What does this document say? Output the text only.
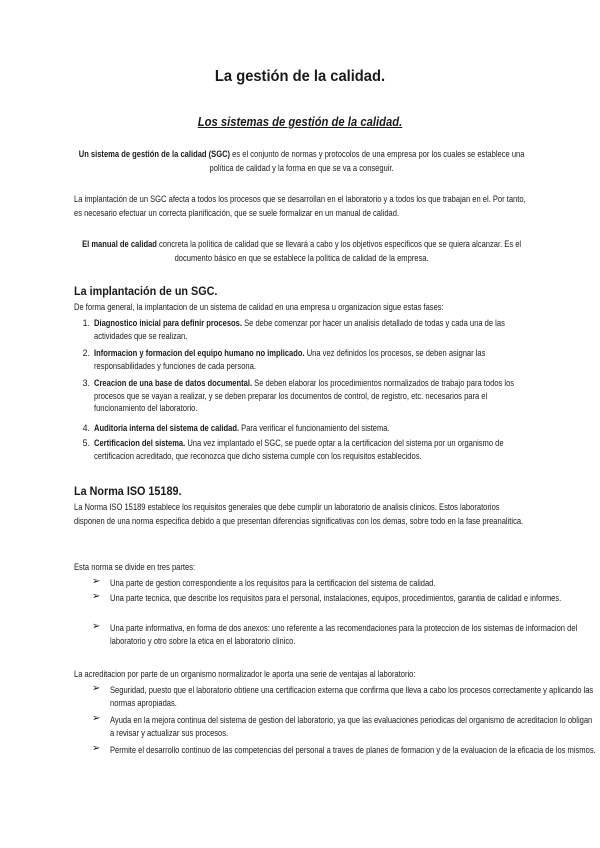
La gestión de la calidad.
Los sistemas de gestión de la calidad.
Un sistema de gestión de la calidad (SGC) es el conjunto de normas y protocolos de una empresa por los cuales se establece una política de calidad y la forma en que se va a conseguir.
La implantación de un SGC afecta a todos los procesos que se desarrollan en el laboratorio y a todos los que trabajan en el. Por tanto, es necesario efectuar un correcta planificación, que se suele formalizar en un manual de calidad.
El manual de calidad concreta la política de calidad que se llevará a cabo y los objetivos especificos que se quiera alcanzar. Es el documento básico en que se establece la política de calidad de la empresa.
La implantación de un SGC.
De forma general, la implantacion de un sistema de calidad en una empresa u organizacion sigue estas fases:
1. Diagnostico inicial para definir procesos. Se debe comenzar por hacer un analisis detallado de todas y cada una de las actividades que se realizan.
2. Informacion y formacion del equipo humano no implicado. Una vez definidos los procesos, se deben asignar las responsabilidades y funciones de cada persona.
3. Creacion de una base de datos documental. Se deben elaborar los procedimientos normalizados de trabajo para todos los procesos que se vayan a realizar, y se deben preparar los documentos de control, de registro, etc. necesarios para el funcionamiento del laboratorio.
4. Auditoria interna del sistema de calidad. Para verificar el funcionamiento del sistema.
5. Certificacion del sistema. Una vez implantado el SGC, se puede optar a la certificacion del sistema por un organismo de certificacion acreditado, que reconozca que dicho sistema cumple con los requisitos establecidos.
La Norma ISO 15189.
La Norma ISO 15189 establece los requisitos generales que debe cumplir un laboratorio de analisis clinicos. Estos laboratorios disponen de una norma especifica debido a que presentan diferencias significativas con los demas, sobre todo en la fase preanalitica.
Esta norma se divide en tres partes:
➢ Una parte de gestion correspondiente a los requisitos para la certificacion del sistema de calidad.
➢ Una parte tecnica, que describe los requisitos para el personal, instalaciones, equipos, procedimientos, garantia de calidad e informes.
➢ Una parte informativa, en forma de dos anexos: uno referente a las recomendaciones para la proteccion de los sistemas de informacion del laboratorio y otro sobre la etica en el laboratorio clinico.
La acreditacion por parte de un organismo normalizador le aporta una serie de ventajas al laboratorio:
➢ Seguridad, puesto que el laboratorio obtiene una certificacion externa que confirma que lleva a cabo los procesos correctamente y aplicando las normas apropiadas.
➢ Ayuda en la mejora continua del sistema de gestion del laboratorio, ya que las evaluaciones periodicas del organismo de acreditacion lo obligan a revisar y actualizar sus procesos.
➢ Permite el desarrollo continuo de las competencias del personal a traves de planes de formacion y de la evaluacion de la eficacia de los mismos.
